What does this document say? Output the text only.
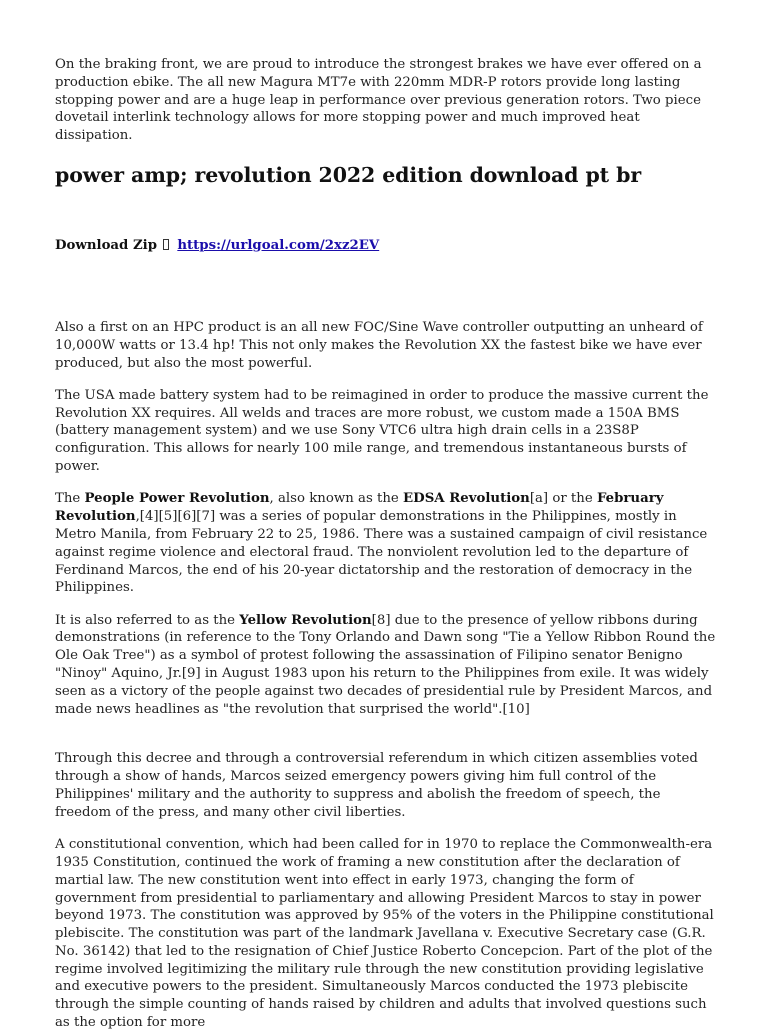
On the braking front, we are proud to introduce the strongest brakes we have ever offered on a production ebike. The all new Magura MT7e with 220mm MDR-P rotors provide long lasting stopping power and are a huge leap in performance over previous generation rotors. Two piece dovetail interlink technology allows for more stopping power and much improved heat dissipation.

power amp; revolution 2022 edition download pt br
Download Zip https://urlgoal.com/2xz2EV

Also a first on an HPC product is an all new FOC/Sine Wave controller outputting an unheard of 10,000W watts or 13.4 hp! This not only makes the Revolution XX the fastest bike we have ever produced, but also the most powerful.

The USA made battery system had to be reimagined in order to produce the massive current the Revolution XX requires. All welds and traces are more robust, we custom made a 150A BMS (battery management system) and we use Sony VTC6 ultra high drain cells in a 23S8P configuration. This allows for nearly 100 mile range, and tremendous instantaneous bursts of power.

The People Power Revolution, also known as the EDSA Revolution[a] or the February Revolution,[4][5][6][7] was a series of popular demonstrations in the Philippines, mostly in Metro Manila, from February 22 to 25, 1986. There was a sustained campaign of civil resistance against regime violence and electoral fraud. The nonviolent revolution led to the departure of Ferdinand Marcos, the end of his 20-year dictatorship and the restoration of democracy in the Philippines.

It is also referred to as the Yellow Revolution[8] due to the presence of yellow ribbons during demonstrations (in reference to the Tony Orlando and Dawn song "Tie a Yellow Ribbon Round the Ole Oak Tree") as a symbol of protest following the assassination of Filipino senator Benigno "Ninoy" Aquino, Jr.[9] in August 1983 upon his return to the Philippines from exile. It was widely seen as a victory of the people against two decades of presidential rule by President Marcos, and made news headlines as "the revolution that surprised the world".[10]

Through this decree and through a controversial referendum in which citizen assemblies voted through a show of hands, Marcos seized emergency powers giving him full control of the Philippines' military and the authority to suppress and abolish the freedom of speech, the freedom of the press, and many other civil liberties.

A constitutional convention, which had been called for in 1970 to replace the Commonwealth-era 1935 Constitution, continued the work of framing a new constitution after the declaration of martial law. The new constitution went into effect in early 1973, changing the form of government from presidential to parliamentary and allowing President Marcos to stay in power beyond 1973. The constitution was approved by 95% of the voters in the Philippine constitutional plebiscite. The constitution was part of the landmark Javellana v. Executive Secretary case (G.R. No. 36142) that led to the resignation of Chief Justice Roberto Concepcion. Part of the plot of the regime involved legitimizing the military rule through the new constitution providing legislative and executive powers to the president. Simultaneously Marcos conducted the 1973 plebiscite through the simple counting of hands raised by children and adults that involved questions such as the option for more
